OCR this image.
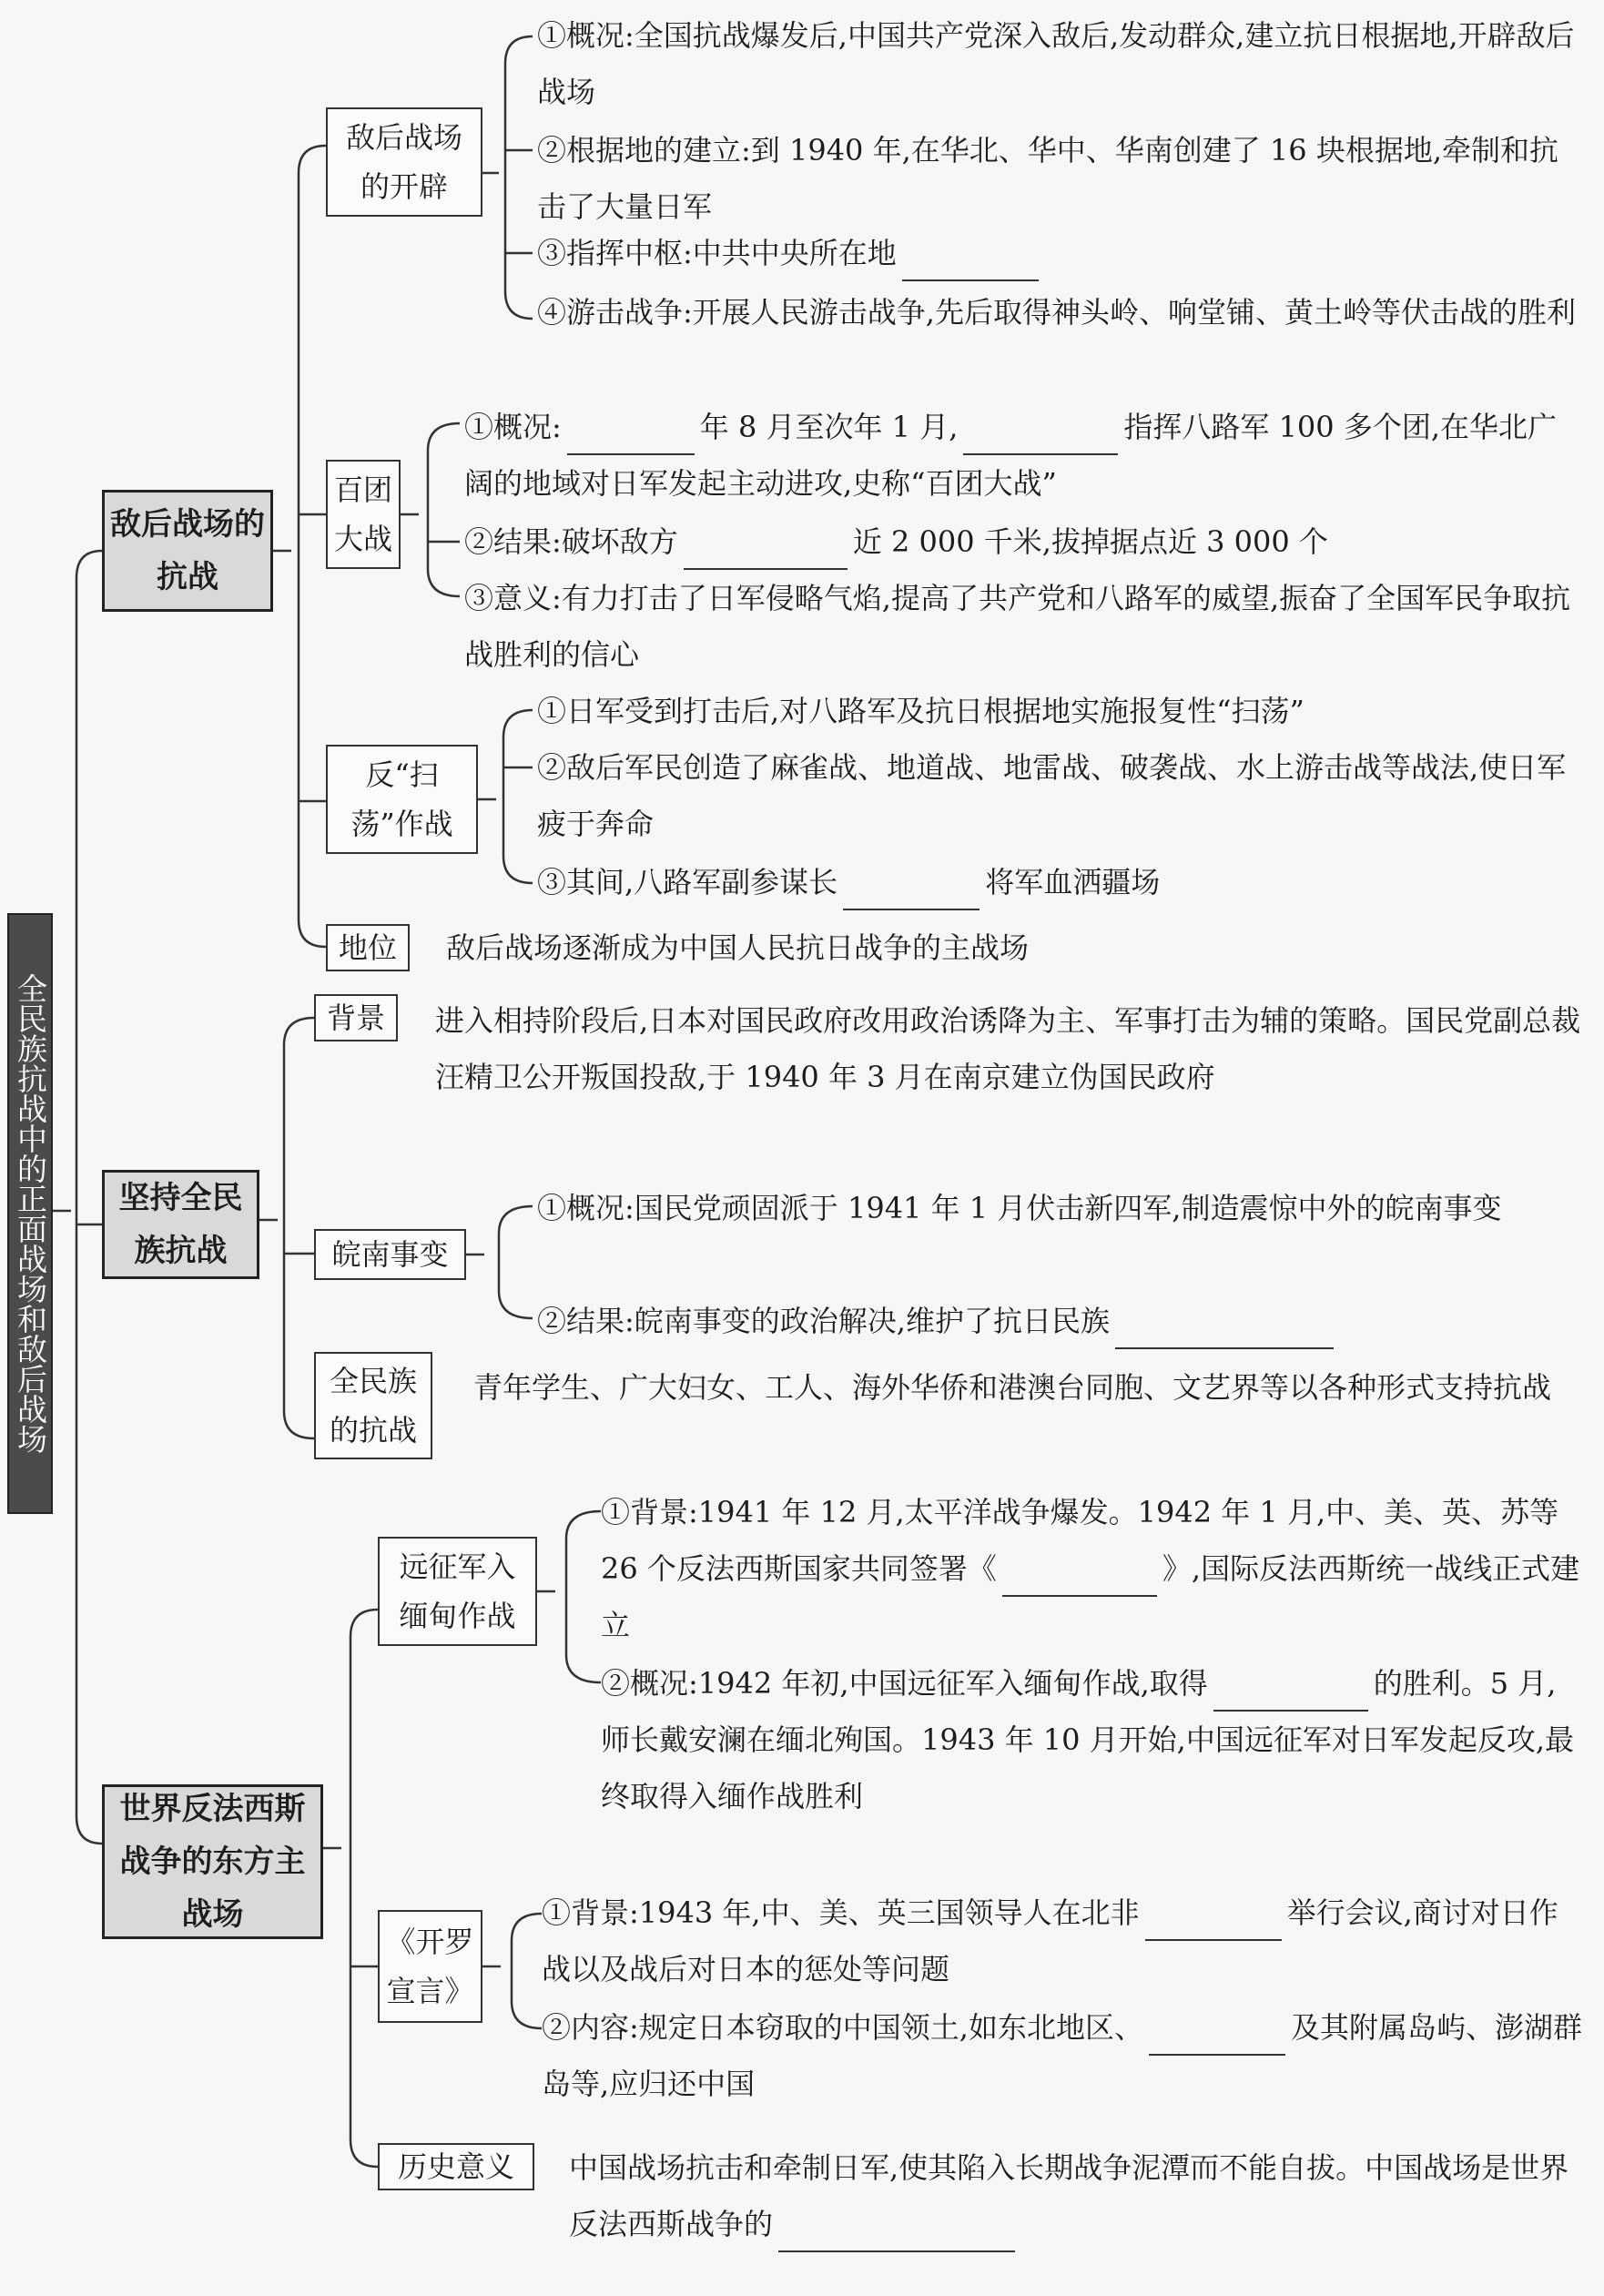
全民族抗战中的正面战场和敌后战场
敌后战场的抗战
敌后战场的开辟
①概况:全国抗战爆发后,中国共产党深入敌后,发动群众,建立抗日根据地,开辟敌后战场
②根据地的建立:到 1940 年,在华北、华中、华南创建了 16 块根据地,牵制和抗击了大量日军
③指挥中枢:中共中央所在地
④游击战争:开展人民游击战争,先后取得神头岭、响堂铺、黄土岭等伏击战的胜利
百团大战
①概况:	年 8 月至次年 1 月,	指挥八路军 100 多个团,在华北广阔的地域对日军发起主动进攻,史称“百团大战”
②结果:破坏敌方	近 2 000 千米,拔掉据点近 3 000 个
③意义:有力打击了日军侵略气焰,提高了共产党和八路军的威望,振奋了全国军民争取抗战胜利的信心
反“扫荡”作战
①日军受到打击后,对八路军及抗日根据地实施报复性“扫荡”
②敌后军民创造了麻雀战、地道战、地雷战、破袭战、水上游击战等战法,使日军疲于奔命
③其间,八路军副参谋长	将军血洒疆场
地位	敌后战场逐渐成为中国人民抗日战争的主战场
坚持全民族抗战
背景	进入相持阶段后,日本对国民政府改用政治诱降为主、军事打击为辅的策略。国民党副总裁汪精卫公开叛国投敌,于 1940 年 3 月在南京建立伪国民政府
皖南事变
①概况:国民党顽固派于 1941 年 1 月伏击新四军,制造震惊中外的皖南事变
②结果:皖南事变的政治解决,维护了抗日民族
全民族的抗战
青年学生、广大妇女、工人、海外华侨和港澳台同胞、文艺界等以各种形式支持抗战
世界反法西斯战争的东方主战场
远征军入缅甸作战
①背景:1941 年 12 月,太平洋战争爆发。1942 年 1 月,中、美、英、苏等 26 个反法西斯国家共同签署《	》,国际反法西斯统一战线正式建立
②概况:1942 年初,中国远征军入缅甸作战,取得	的胜利。5 月,师长戴安澜在缅北殉国。1943 年 10 月开始,中国远征军对日军发起反攻,最终取得入缅作战胜利
《开罗宣言》
①背景:1943 年,中、美、英三国领导人在北非	举行会议,商讨对日作战以及战后对日本的惩处等问题
②内容:规定日本窃取的中国领土,如东北地区、	及其附属岛屿、澎湖群岛等,应归还中国
历史意义	中国战场抗击和牵制日军,使其陷入长期战争泥潭而不能自拔。中国战场是世界反法西斯战争的
